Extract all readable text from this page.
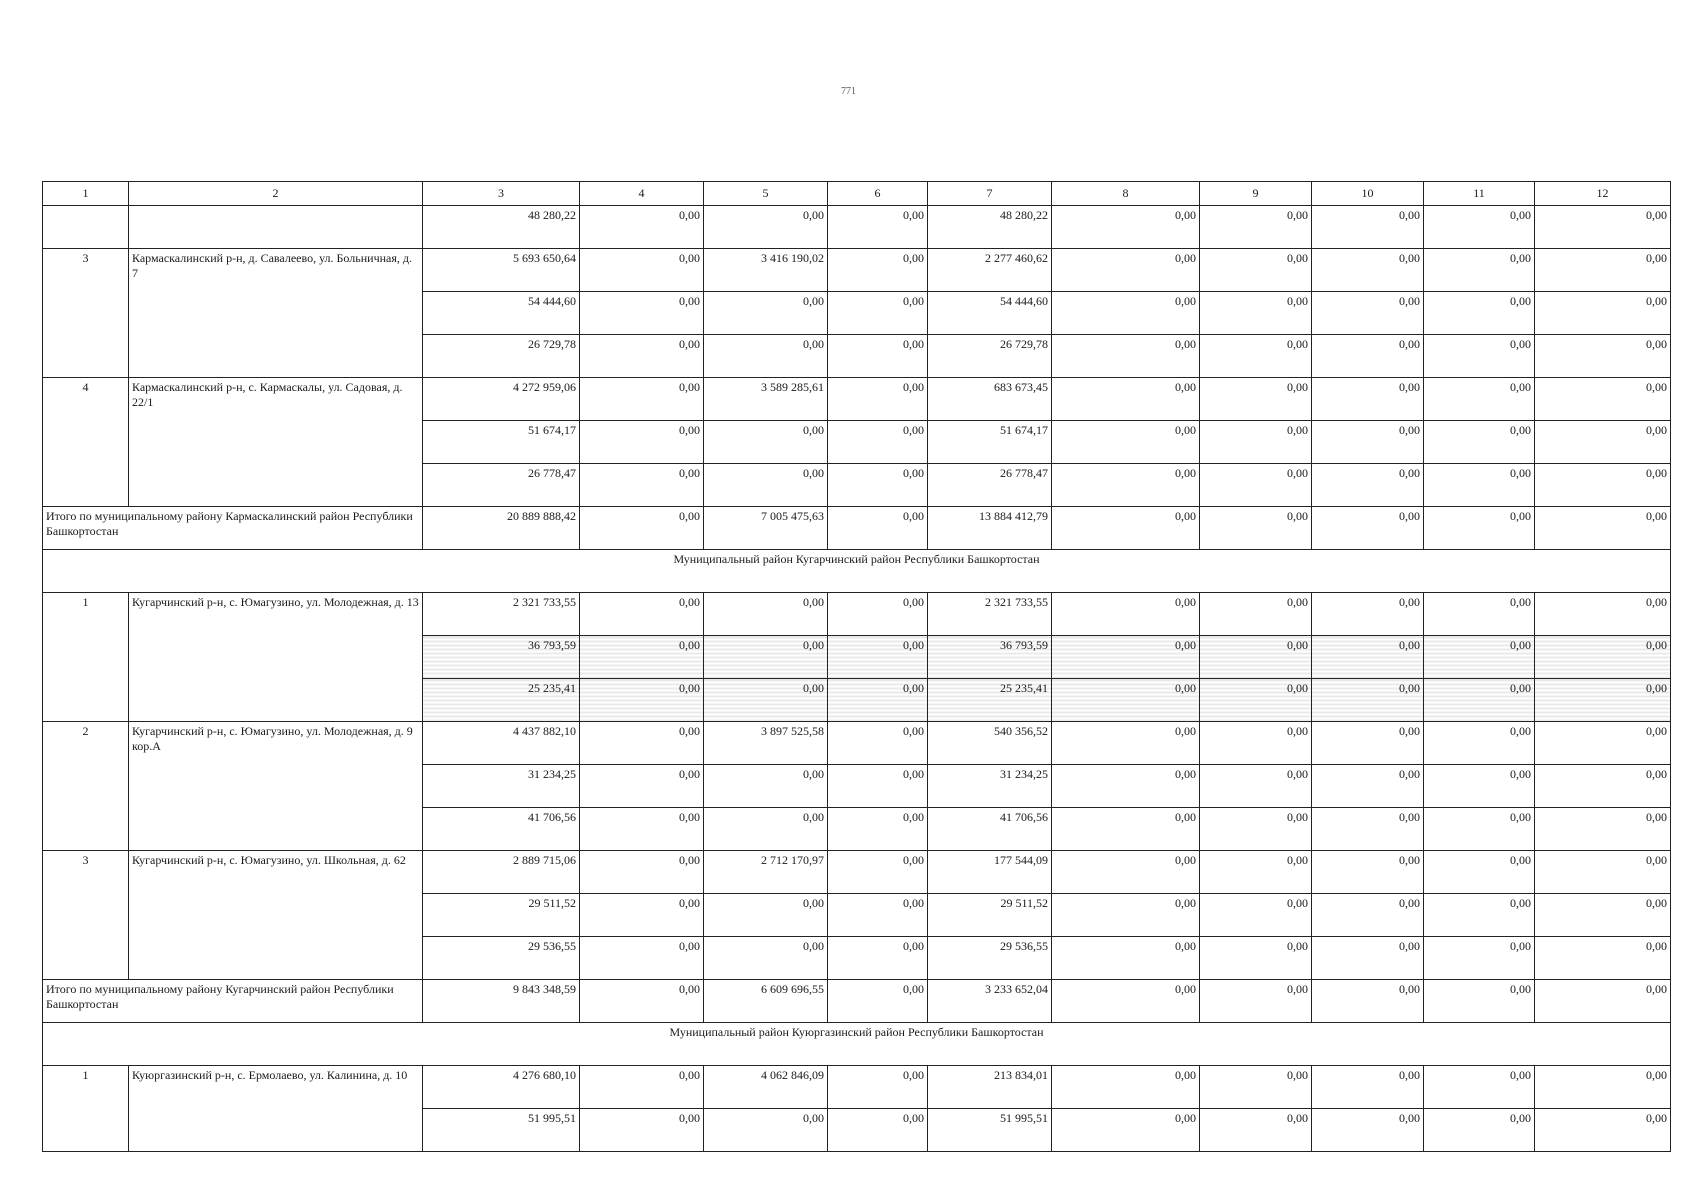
771
1	2	3	4	5	6	7	8	9	10	11	12
		48 280,22	0,00	0,00	0,00	48 280,22	0,00	0,00	0,00	0,00	0,00
3	Кармаскалинский р-н, д. Савалеево, ул. Больничная, д. 7	5 693 650,64	0,00	3 416 190,02	0,00	2 277 460,62	0,00	0,00	0,00	0,00	0,00
		54 444,60	0,00	0,00	0,00	54 444,60	0,00	0,00	0,00	0,00	0,00
		26 729,78	0,00	0,00	0,00	26 729,78	0,00	0,00	0,00	0,00	0,00
4	Кармаскалинский р-н, с. Кармаскалы, ул. Садовая, д. 22/1	4 272 959,06	0,00	3 589 285,61	0,00	683 673,45	0,00	0,00	0,00	0,00	0,00
		51 674,17	0,00	0,00	0,00	51 674,17	0,00	0,00	0,00	0,00	0,00
		26 778,47	0,00	0,00	0,00	26 778,47	0,00	0,00	0,00	0,00	0,00
Итого по муниципальному району Кармаскалинский район Республики Башкортостан		20 889 888,42	0,00	7 005 475,63	0,00	13 884 412,79	0,00	0,00	0,00	0,00	0,00
Муниципальный район Кугарчинский район Республики Башкортостан											
1	Кугарчинский р-н, с. Юмагузино, ул. Молодежная, д. 13	2 321 733,55	0,00	0,00	0,00	2 321 733,55	0,00	0,00	0,00	0,00	0,00
		36 793,59	0,00	0,00	0,00	36 793,59	0,00	0,00	0,00	0,00	0,00
		25 235,41	0,00	0,00	0,00	25 235,41	0,00	0,00	0,00	0,00	0,00
2	Кугарчинский р-н, с. Юмагузино, ул. Молодежная, д. 9 кор.А	4 437 882,10	0,00	3 897 525,58	0,00	540 356,52	0,00	0,00	0,00	0,00	0,00
		31 234,25	0,00	0,00	0,00	31 234,25	0,00	0,00	0,00	0,00	0,00
		41 706,56	0,00	0,00	0,00	41 706,56	0,00	0,00	0,00	0,00	0,00
3	Кугарчинский р-н, с. Юмагузино, ул. Школьная, д. 62	2 889 715,06	0,00	2 712 170,97	0,00	177 544,09	0,00	0,00	0,00	0,00	0,00
		29 511,52	0,00	0,00	0,00	29 511,52	0,00	0,00	0,00	0,00	0,00
		29 536,55	0,00	0,00	0,00	29 536,55	0,00	0,00	0,00	0,00	0,00
Итого по муниципальному району Кугарчинский район Республики Башкортостан		9 843 348,59	0,00	6 609 696,55	0,00	3 233 652,04	0,00	0,00	0,00	0,00	0,00
Муниципальный район Куюргазинский район Республики Башкортостан											
1	Куюргазинский р-н, с. Ермолаево, ул. Калинина, д. 10	4 276 680,10	0,00	4 062 846,09	0,00	213 834,01	0,00	0,00	0,00	0,00	0,00
		51 995,51	0,00	0,00	0,00	51 995,51	0,00	0,00	0,00	0,00	0,00
